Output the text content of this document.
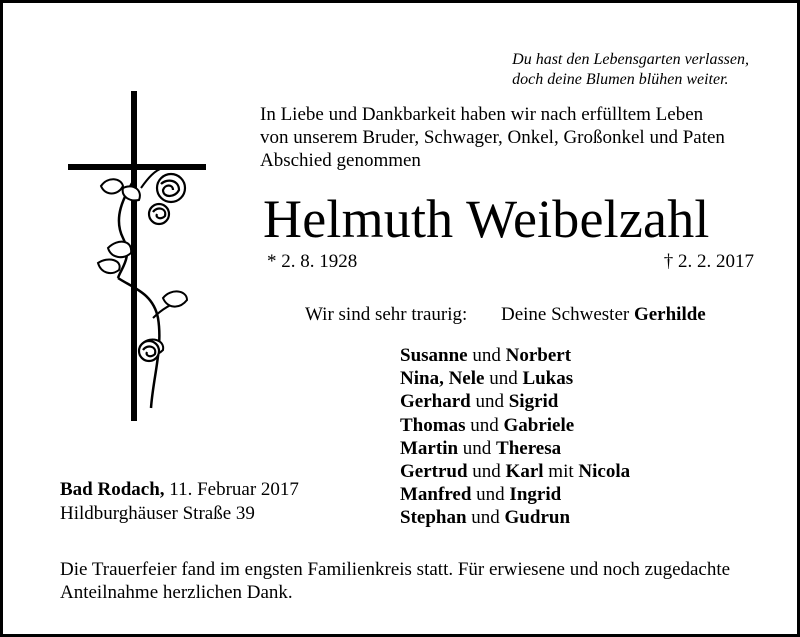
Du hast den Lebensgarten verlassen,
doch deine Blumen blühen weiter.
In Liebe und Dankbarkeit haben wir nach erfülltem Leben
von unserem Bruder, Schwager, Onkel, Großonkel und Paten
Abschied genommen
Helmuth Weibelzahl
* 2. 8. 1928	† 2. 2. 2017
Wir sind sehr traurig: Deine Schwester Gerhilde
Susanne und Norbert
Nina, Nele und Lukas
Gerhard und Sigrid
Thomas und Gabriele
Martin und Theresa
Gertrud und Karl mit Nicola
Manfred und Ingrid
Stephan und Gudrun
Bad Rodach, 11. Februar 2017
Hildburghäuser Straße 39
Die Trauerfeier fand im engsten Familienkreis statt. Für erwiesene und noch zugedachte
Anteilnahme herzlichen Dank.
